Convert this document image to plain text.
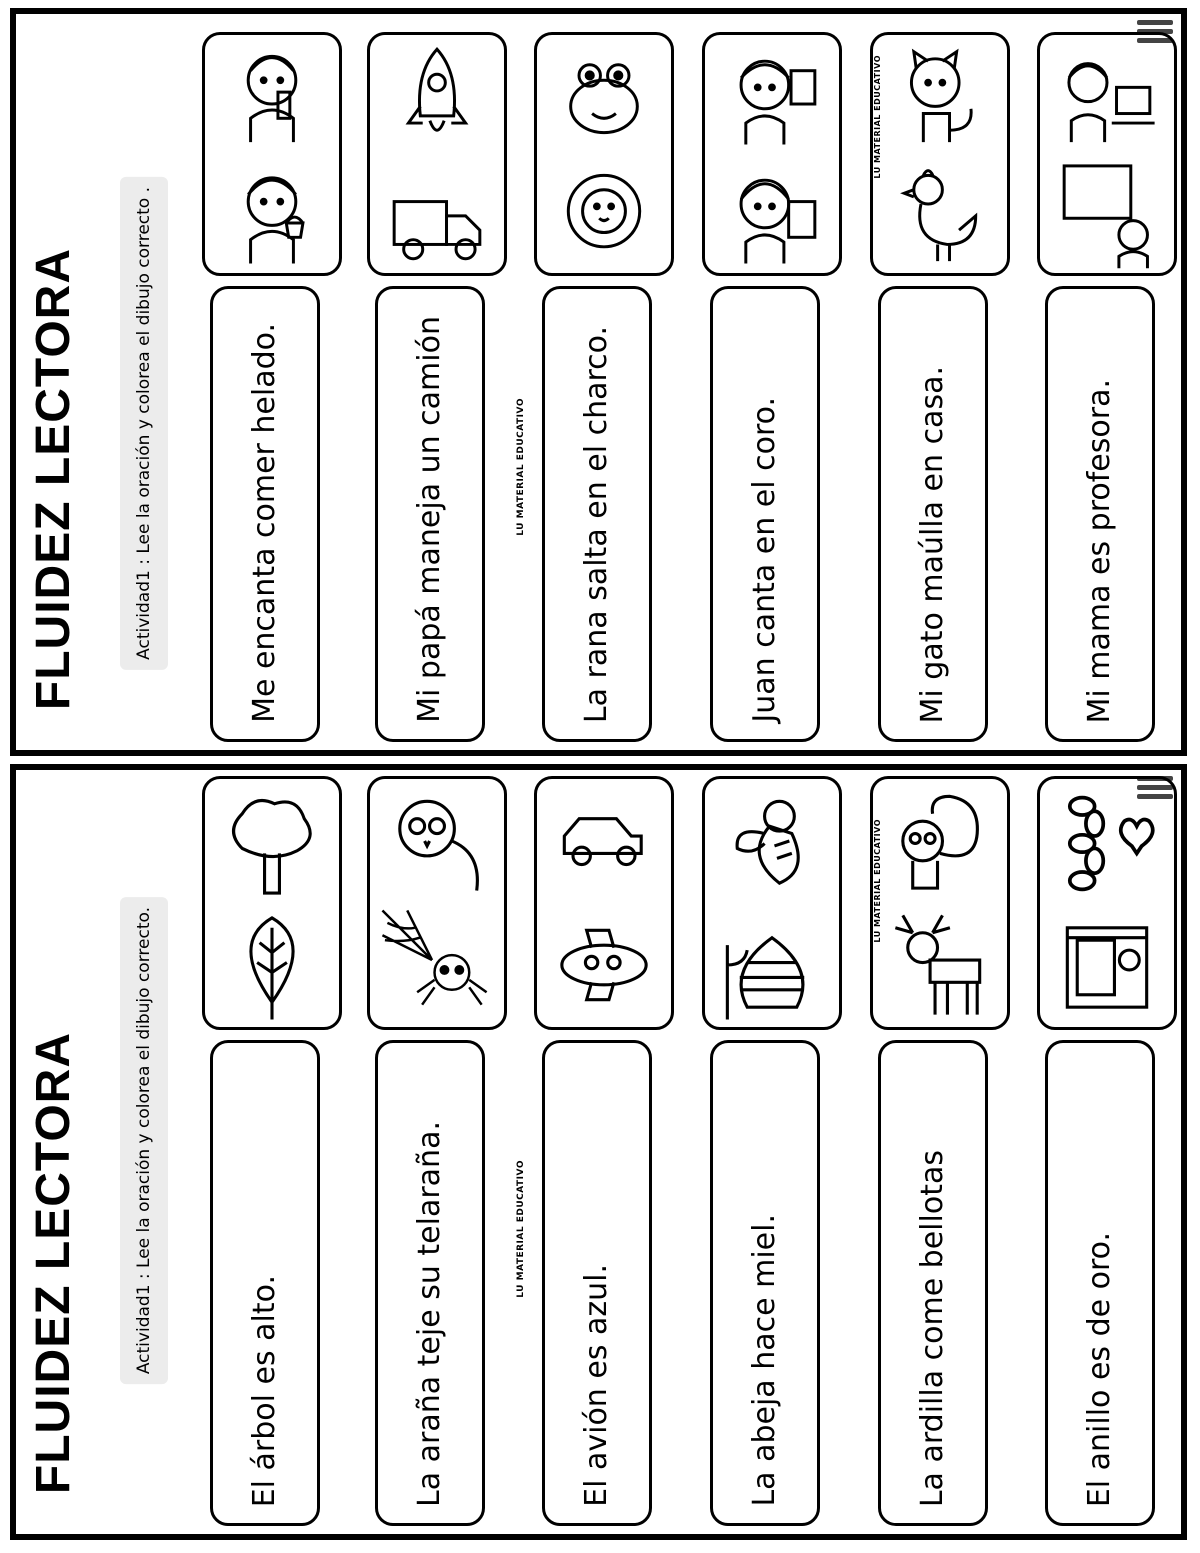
FLUIDEZ LECTORA	Actividad1 : Lee la oración y colorea el dibujo correcto .	Me encanta comer helado.	Mi papá maneja un camión	La rana salta en el charco.	Juan canta en el coro.	Mi gato maúlla en casa.
LU MATERIAL EDUCATIVO
Mi mama es profesora.
LU MATERIAL EDUCATIVO
FLUIDEZ LECTORA	Actividad1 : Lee la oración y colorea el dibujo correcto.
El árbol es alto.	La araña teje su telaraña.	El avión es azul.	La abeja hace miel.	La ardilla come bellotas
LU MATERIAL EDUCATIVO
El anillo es de oro.
LU MATERIAL EDUCATIVO
